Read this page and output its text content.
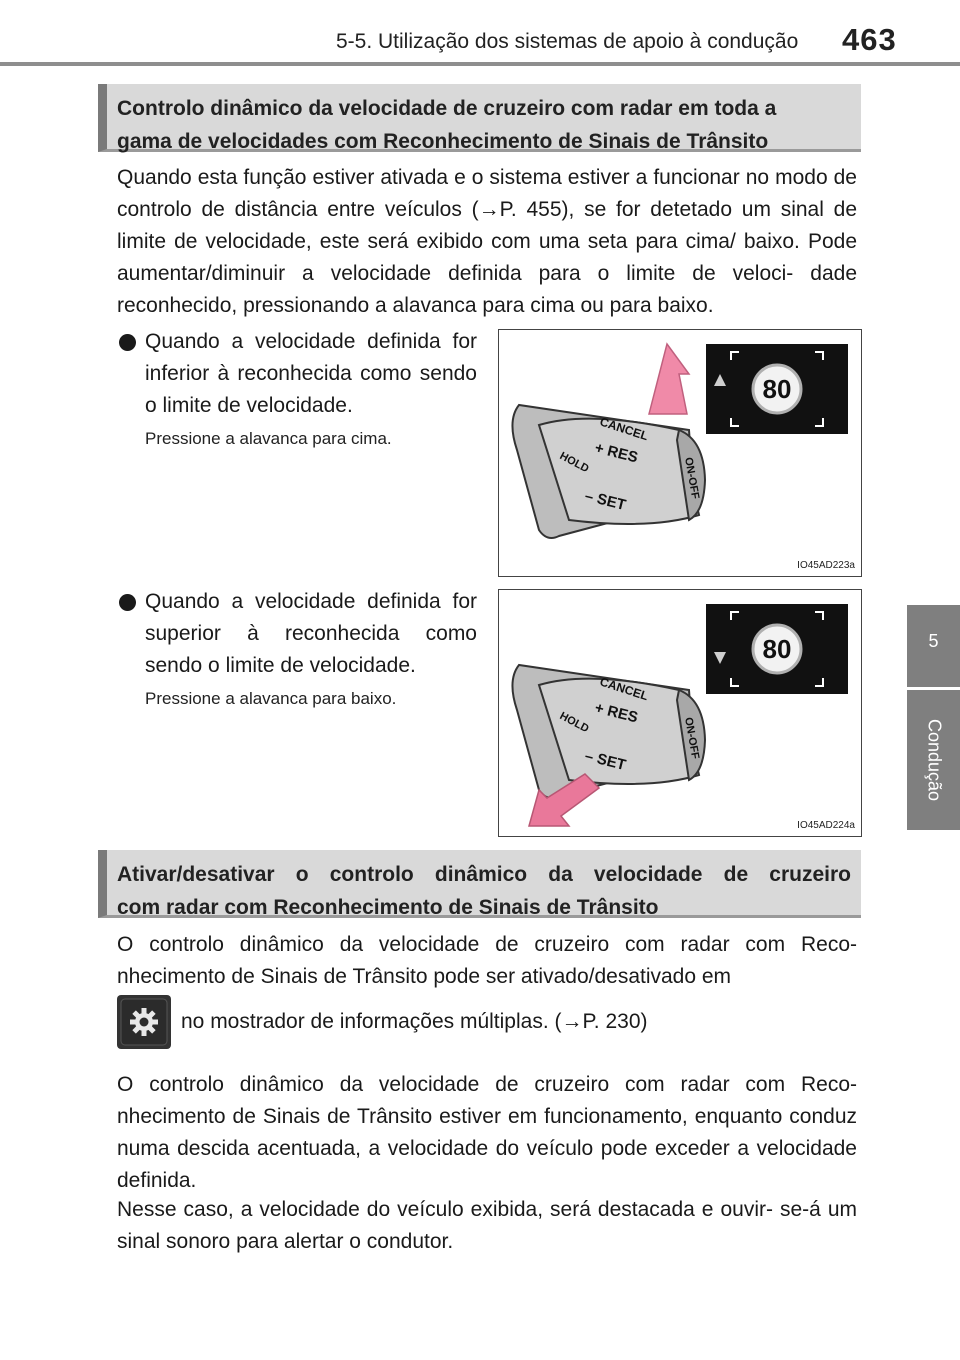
5-5. Utilização dos sistemas de apoio à condução 463
5
Condução
Controlo dinâmico da velocidade de cruzeiro com radar em toda a
gama de velocidades com Reconhecimento de Sinais de Trânsito

Quando esta função estiver ativada e o sistema estiver a funcionar no modo de controlo de distância entre veículos (→P. 455), se for detetado um sinal de limite de velocidade, este será exibido com uma seta para cima/ baixo. Pode aumentar/diminuir a velocidade definida para o limite de veloci- dade reconhecido, pressionando a alavanca para cima ou para baixo.

Quando a velocidade definida for inferior à reconhecida como sendo o limite de velocidade.
Pressione a alavanca para cima.
80
CANCEL
+ RES
HOLD
– SET
ON-OFF
IO45AD223a
Quando a velocidade definida for superior à reconhecida como sendo o limite de velocidade.
Pressione a alavanca para baixo.
80
CANCEL
+ RES
HOLD
– SET
ON-OFF
IO45AD224a
Ativar/desativar o controlo dinâmico da velocidade de cruzeiro
com radar com Reconhecimento de Sinais de Trânsito

O controlo dinâmico da velocidade de cruzeiro com radar com Reco- nhecimento de Sinais de Trânsito pode ser ativado/desativado em

no mostrador de informações múltiplas. (→P. 230)

O controlo dinâmico da velocidade de cruzeiro com radar com Reco- nhecimento de Sinais de Trânsito estiver em funcionamento, enquanto conduz numa descida acentuada, a velocidade do veículo pode exceder a velocidade definida.

Nesse caso, a velocidade do veículo exibida, será destacada e ouvir- se-á um sinal sonoro para alertar o condutor.
